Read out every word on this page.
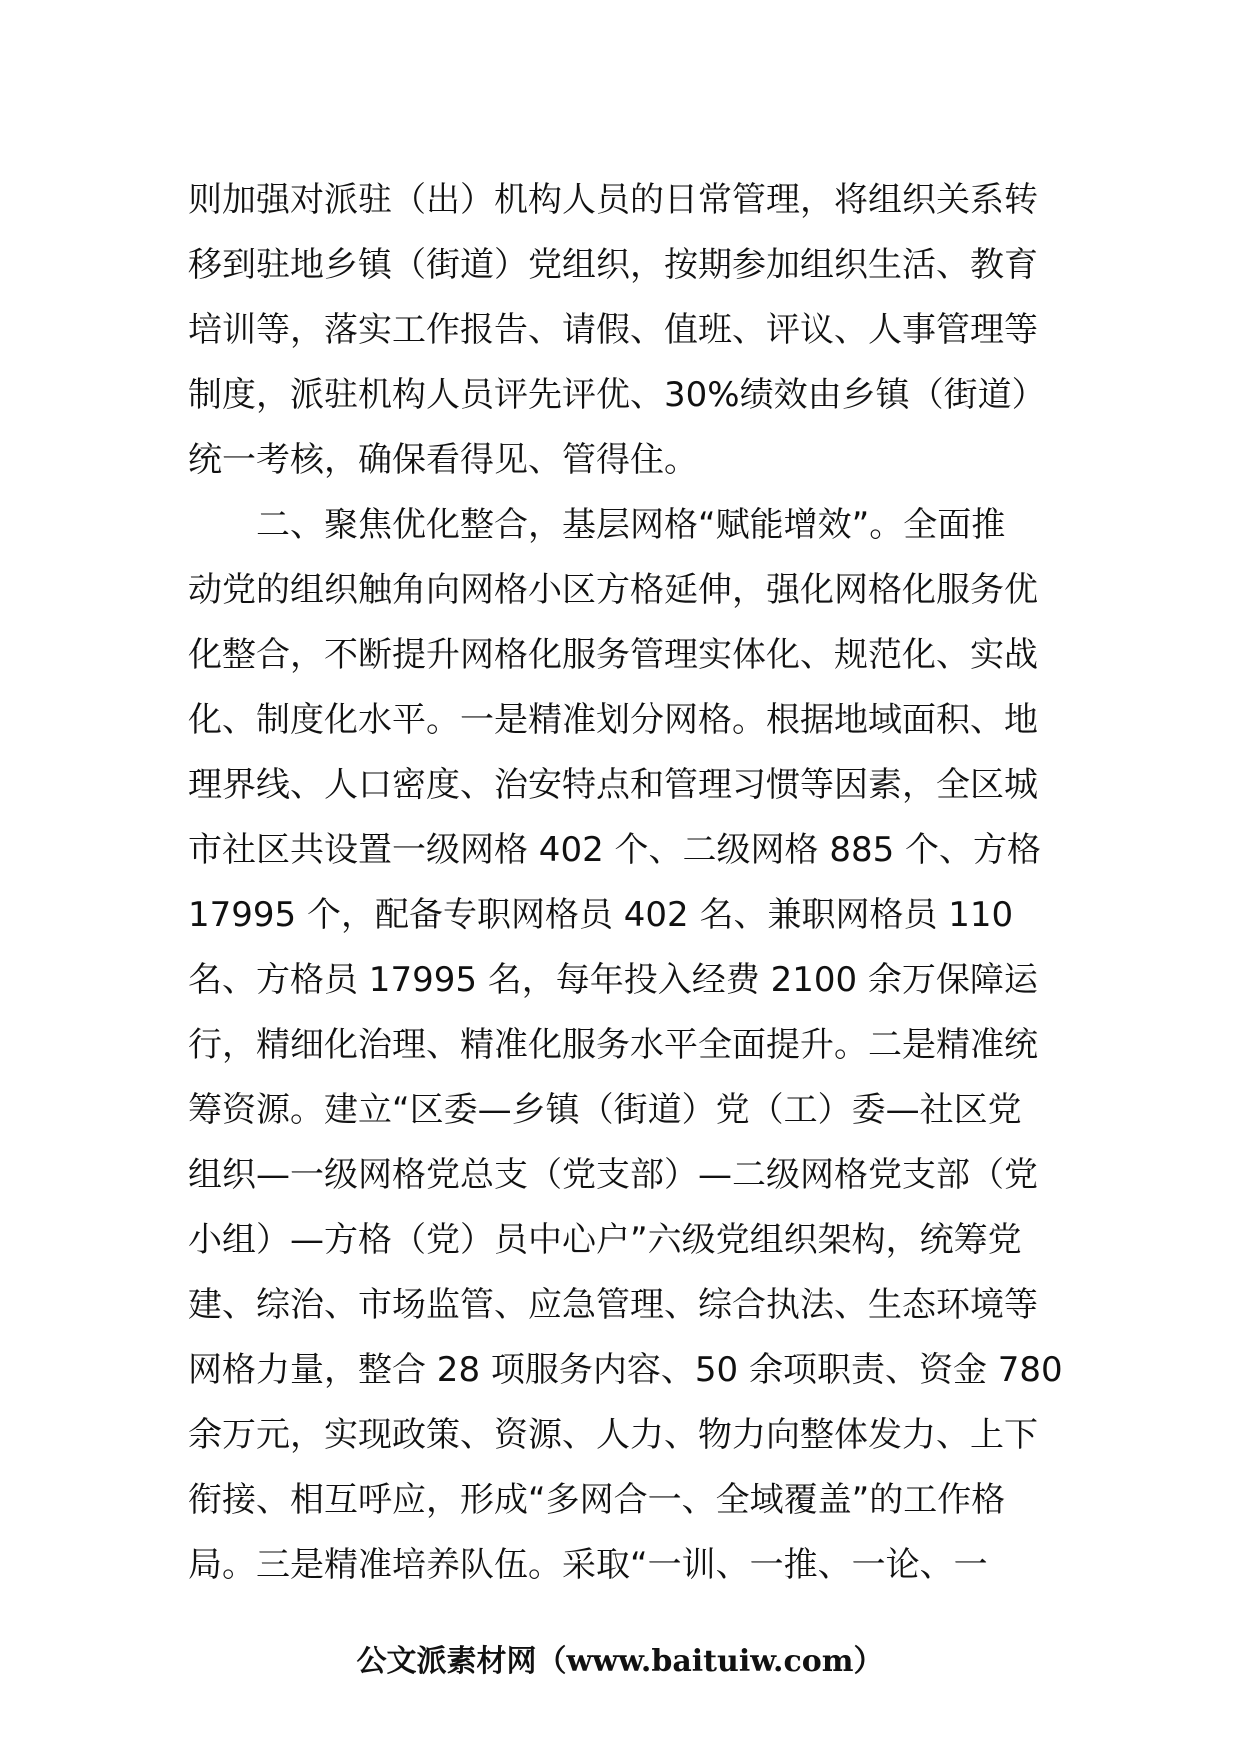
则加强对派驻（出）机构人员的日常管理，将组织关系转
移到驻地乡镇（街道）党组织，按期参加组织生活、教育
培训等，落实工作报告、请假、值班、评议、人事管理等
制度，派驻机构人员评先评优、30%绩效由乡镇（街道）
统一考核，确保看得见、管得住。
二、聚焦优化整合，基层网格“赋能增效”。全面推
动党的组织触角向网格小区方格延伸，强化网格化服务优
化整合，不断提升网格化服务管理实体化、规范化、实战
化、制度化水平。一是精准划分网格。根据地域面积、地
理界线、人口密度、治安特点和管理习惯等因素，全区城
市社区共设置一级网格 402 个、二级网格 885 个、方格
17995 个，配备专职网格员 402 名、兼职网格员 110
名、方格员 17995 名，每年投入经费 2100 余万保障运
行，精细化治理、精准化服务水平全面提升。二是精准统
筹资源。建立“区委—乡镇（街道）党（工）委—社区党
组织—一级网格党总支（党支部）—二级网格党支部（党
小组）—方格（党）员中心户”六级党组织架构，统筹党
建、综治、市场监管、应急管理、综合执法、生态环境等
网格力量，整合 28 项服务内容、50 余项职责、资金 780
余万元，实现政策、资源、人力、物力向整体发力、上下
衔接、相互呼应，形成“多网合一、全域覆盖”的工作格
局。三是精准培养队伍。采取“一训、一推、一论、一
公文派素材网（www.baituiw.com）
